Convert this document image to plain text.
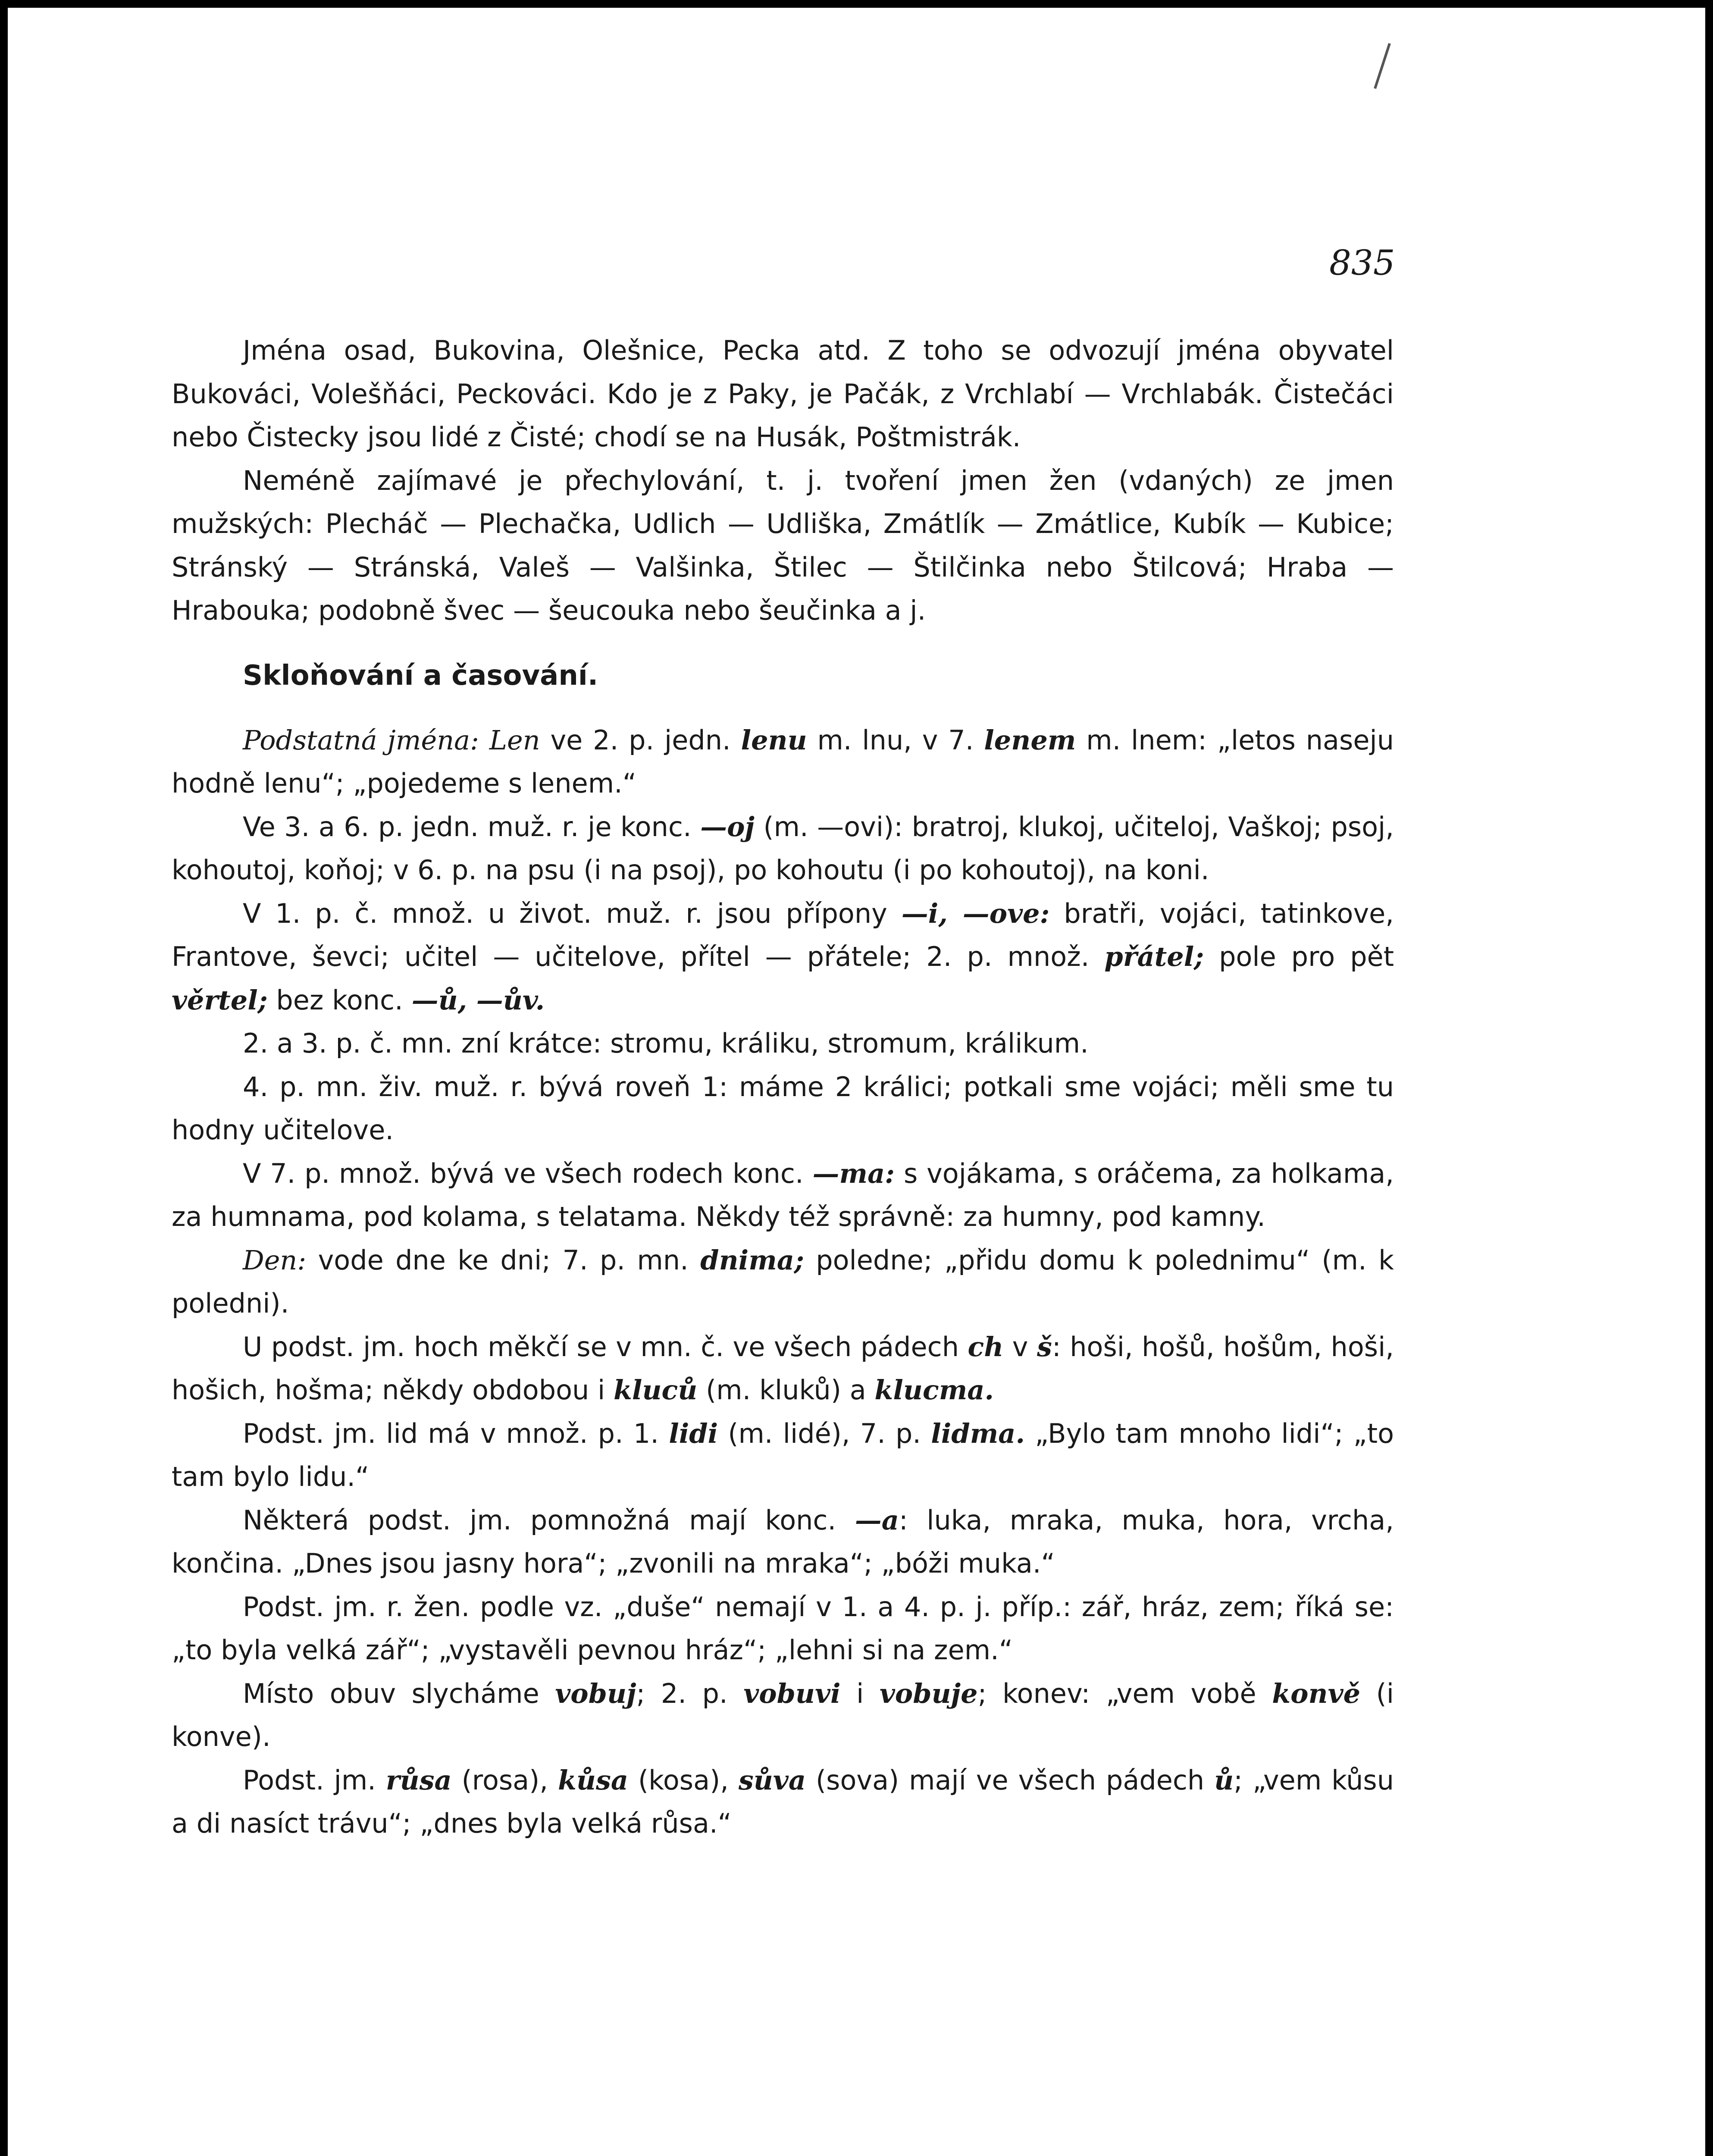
835

Jména osad, Bukovina, Olešnice, Pecka atd. Z toho se odvozují jména obyvatel Bukováci, Volešňáci, Peckováci. Kdo je z Paky, je Pačák, z Vrchlabí — Vrchlabák. Čistečáci nebo Čistecky jsou lidé z Čisté; chodí se na Husák, Poštmistrák.

Neméně zajímavé je přechylování, t. j. tvoření jmen žen (vdaných) ze jmen mužských: Plecháč — Plechačka, Udlich — Udliška, Zmátlík — Zmátlice, Kubík — Kubice; Stránský — Stránská, Valeš — Valšinka, Štilec — Štilčinka nebo Štilcová; Hraba — Hrabouka; podobně švec — šeucouka nebo šeučinka a j.

Skloňování a časování.

Podstatná jména: Len ve 2. p. jedn. lenu m. lnu, v 7. lenem m. lnem: „letos naseju hodně lenu“; „pojedeme s lenem.“

Ve 3. a 6. p. jedn. muž. r. je konc. —oj (m. —ovi): bratroj, klukoj, učiteloj, Vaškoj; psoj, kohoutoj, koňoj; v 6. p. na psu (i na psoj), po kohoutu (i po kohoutoj), na koni.

V 1. p. č. množ. u život. muž. r. jsou přípony —i, —ove: bratři, vojáci, tatinkove, Frantove, ševci; učitel — učitelove, přítel — přátele; 2. p. množ. přátel; pole pro pět věrtel; bez konc. —ů, —ův.

2. a 3. p. č. mn. zní krátce: stromu, králiku, stromum, králikum.

4. p. mn. živ. muž. r. bývá roveň 1: máme 2 králici; potkali sme vojáci; měli sme tu hodny učitelove.

V 7. p. množ. bývá ve všech rodech konc. —ma: s vojákama, s oráčema, za holkama, za humnama, pod kolama, s telatama. Někdy též správně: za humny, pod kamny.

Den: vode dne ke dni; 7. p. mn. dnima; poledne; „přidu domu k polednimu“ (m. k poledni).

U podst. jm. hoch měkčí se v mn. č. ve všech pádech ch v š: hoši, hošů, hošům, hoši, hošich, hošma; někdy obdobou i kluců (m. kluků) a klucma.

Podst. jm. lid má v množ. p. 1. lidi (m. lidé), 7. p. lidma. „Bylo tam mnoho lidi“; „to tam bylo lidu.“

Některá podst. jm. pomnožná mají konc. —a: luka, mraka, muka, hora, vrcha, končina. „Dnes jsou jasny hora“; „zvonili na mraka“; „bóži muka.“

Podst. jm. r. žen. podle vz. „duše“ nemají v 1. a 4. p. j. příp.: zář, hráz, zem; říká se: „to byla velká zář“; „vystavěli pevnou hráz“; „lehni si na zem.“

Místo obuv slycháme vobuj; 2. p. vobuvi i vobuje; konev: „vem vobě konvě (i konve).

Podst. jm. růsa (rosa), kůsa (kosa), sůva (sova) mají ve všech pádech ů; „vem kůsu a di nasíct trávu“; „dnes byla velká růsa.“
